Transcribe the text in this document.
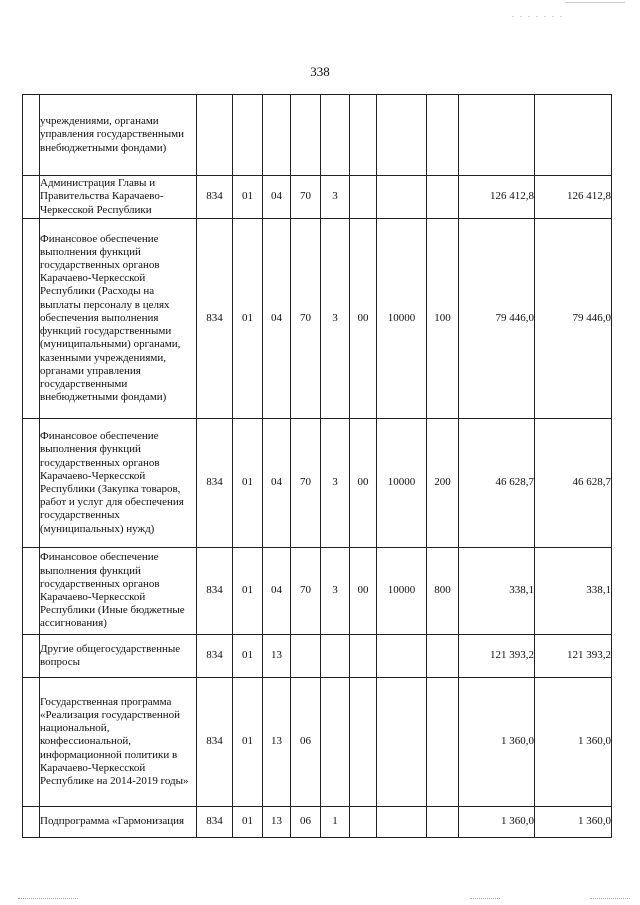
. . . . . . .
338
	учреждениями, органами управления государственными внебюджетными фондами)										
	Администрация Главы и Правительства Карачаево-Черкесской Республики	834	01	04	70	3				126 412,8	126 412,8
	Финансовое обеспечение выполнения функций государственных органов Карачаево-Черкесской Республики (Расходы на выплаты персоналу в целях обеспечения выполнения функций государственными (муниципальными) органами, казенными учреждениями, органами управления государственными внебюджетными фондами)	834	01	04	70	3	00	10000	100	79 446,0	79 446,0
	Финансовое обеспечение выполнения функций государственных органов Карачаево-Черкесской Республики (Закупка товаров, работ и услуг для обеспечения государственных (муниципальных) нужд)	834	01	04	70	3	00	10000	200	46 628,7	46 628,7
	Финансовое обеспечение выполнения функций государственных органов Карачаево-Черкесской Республики (Иные бюджетные ассигнования)	834	01	04	70	3	00	10000	800	338,1	338,1
	Другие общегосударственные вопросы	834	01	13						121 393,2	121 393,2
	Государственная программа «Реализация государственной национальной, конфессиональной, информационной политики в Карачаево-Черкесской Республике на 2014-2019 годы»	834	01	13	06					1 360,0	1 360,0
	Подпрограмма «Гармонизация	834	01	13	06	1				1 360,0	1 360,0
